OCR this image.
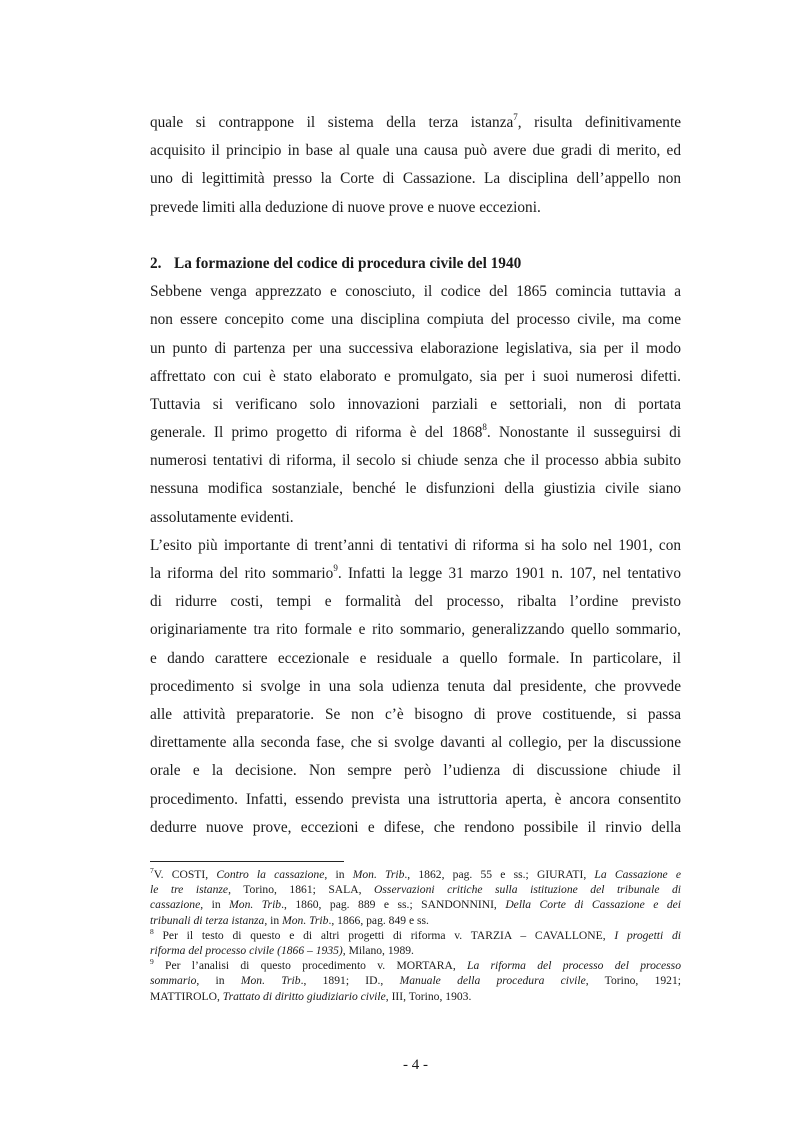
quale si contrappone il sistema della terza istanza$^7$, risulta definitivamente
acquisito il principio in base al quale una causa può avere due gradi di merito, ed
uno di legittimità presso la Corte di Cassazione. La disciplina dell’appello non
prevede limiti alla deduzione di nuove prove e nuove eccezioni.
2. La formazione del codice di procedura civile del 1940
Sebbene venga apprezzato e conosciuto, il codice del 1865 comincia tuttavia a
non essere concepito come una disciplina compiuta del processo civile, ma come
un punto di partenza per una successiva elaborazione legislativa, sia per il modo
affrettato con cui è stato elaborato e promulgato, sia per i suoi numerosi difetti.
Tuttavia si verificano solo innovazioni parziali e settoriali, non di portata
generale. Il primo progetto di riforma è del 1868$^8$. Nonostante il susseguirsi di
numerosi tentativi di riforma, il secolo si chiude senza che il processo abbia subito
nessuna modifica sostanziale, benché le disfunzioni della giustizia civile siano
assolutamente evidenti.
L’esito più importante di trent’anni di tentativi di riforma si ha solo nel 1901, con
la riforma del rito sommario$^9$. Infatti la legge 31 marzo 1901 n. 107, nel tentativo
di ridurre costi, tempi e formalità del processo, ribalta l’ordine previsto
originariamente tra rito formale e rito sommario, generalizzando quello sommario,
e dando carattere eccezionale e residuale a quello formale. In particolare, il
procedimento si svolge in una sola udienza tenuta dal presidente, che provvede
alle attività preparatorie. Se non c’è bisogno di prove costituende, si passa
direttamente alla seconda fase, che si svolge davanti al collegio, per la discussione
orale e la decisione. Non sempre però l’udienza di discussione chiude il
procedimento. Infatti, essendo prevista una istruttoria aperta, è ancora consentito
dedurre nuove prove, eccezioni e difese, che rendono possibile il rinvio della
$^7$V. COSTI, Contro la cassazione, in Mon. Trib., 1862, pag. 55 e ss.; GIURATI, La Cassazione e
le tre istanze, Torino, 1861; SALA, Osservazioni critiche sulla istituzione del tribunale di
cassazione, in Mon. Trib., 1860, pag. 889 e ss.; SANDONNINI, Della Corte di Cassazione e dei
tribunali di terza istanza, in Mon. Trib., 1866, pag. 849 e ss.
$^8$ Per il testo di questo e di altri progetti di riforma v. TARZIA – CAVALLONE, I progetti di
riforma del processo civile (1866 – 1935), Milano, 1989.
$^9$ Per l’analisi di questo procedimento v. MORTARA, La riforma del processo del processo
sommario, in Mon. Trib., 1891; ID., Manuale della procedura civile, Torino, 1921;
MATTIROLO, Trattato di diritto giudiziario civile, III, Torino, 1903.
- 4 -
